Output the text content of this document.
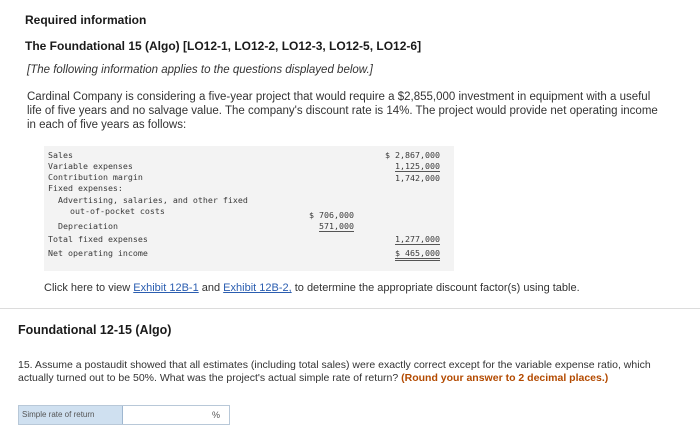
Required information
The Foundational 15 (Algo) [LO12-1, LO12-2, LO12-3, LO12-5, LO12-6]
[The following information applies to the questions displayed below.]
Cardinal Company is considering a five-year project that would require a $2,855,000 investment in equipment with a useful life of five years and no salvage value. The company's discount rate is 14%. The project would provide net operating income in each of five years as follows:
Sales	$ 2,867,000
Variable expenses	1,125,000
Contribution margin	1,742,000
Fixed expenses:
Advertising, salaries, and other fixed
out-of-pocket costs	$ 706,000
Depreciation	571,000
Total fixed expenses	1,277,000
Net operating income	$ 465,000
Click here to view Exhibit 12B-1 and Exhibit 12B-2, to determine the appropriate discount factor(s) using table.
Foundational 12-15 (Algo)
15. Assume a postaudit showed that all estimates (including total sales) were exactly correct except for the variable expense ratio, which actually turned out to be 50%. What was the project's actual simple rate of return? (Round your answer to 2 decimal places.)
Simple rate of return	%
